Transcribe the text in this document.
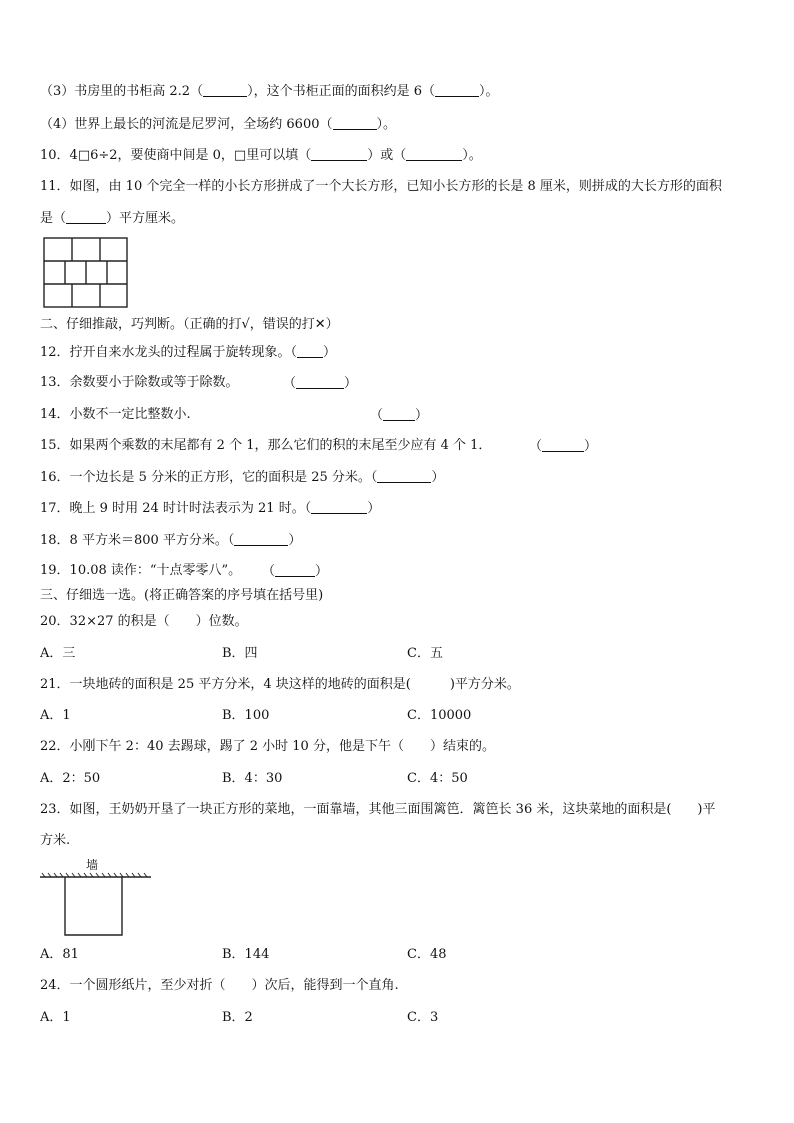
（3）书房里的书柜高 2.2（	），这个书柜正面的面积约是 6（	）。
（4）世界上最长的河流是尼罗河，全场约 6600（	）。
10．4□6÷2，要使商中间是 0，□里可以填（	）或（	）。
11．如图，由 10 个完全一样的小长方形拼成了一个大长方形，已知小长方形的长是 8 厘米，则拼成的大长方形的面积
是（	）平方厘米。
二、仔细推敲，巧判断。（正确的打√，错误的打✕）
12．拧开自来水龙头的过程属于旋转现象。（ ）
13．余数要小于除数或等于除数。	（	）
14．小数不一定比整数小.	（ ）
15．如果两个乘数的末尾都有 2 个 1，那么它们的积的末尾至少应有 4 个 1．	（	）
16．一个边长是 5 分米的正方形，它的面积是 25 分米。（	）
17．晚上 9 时用 24 时计时法表示为 21 时。（	）
18．8 平方米＝800 平方分米。（	）
19．10.08 读作：“十点零零八”。 （	）
三、仔细选一选。(将正确答案的序号填在括号里)
20．32×27 的积是（　　）位数。
A．三	B．四	C．五
21．一块地砖的面积是 25 平方分米，4 块这样的地砖的面积是(　　　)平方分米。
A．1	B．100	C．10000
22．小刚下午 2：40 去踢球，踢了 2 小时 10 分，他是下午（　　）结束的。
A．2：50	B．4：30	C．4：50
23．如图，王奶奶开垦了一块正方形的菜地，一面靠墙，其他三面围篱笆．篱笆长 36 米，这块菜地的面积是(　　)平
方米.
墙
A．81	B．144	C．48
24．一个圆形纸片，至少对折（　　）次后，能得到一个直角.
A．1	B．2	C．3
